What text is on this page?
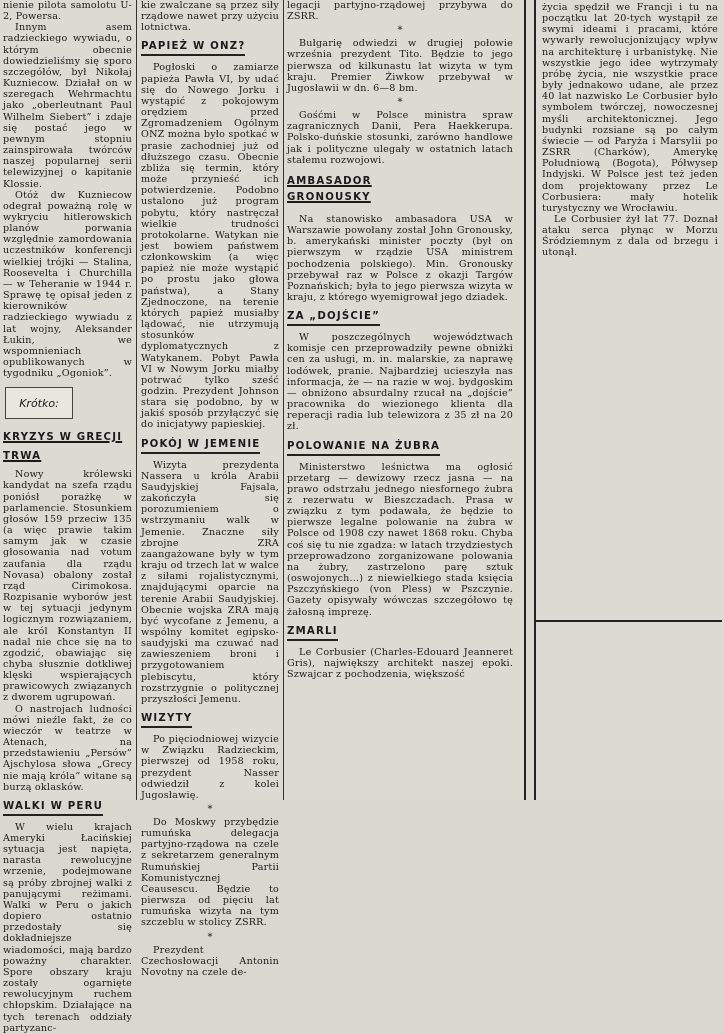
nienie pilota samolotu U-2, Powersa.

Innym asem radzieckiego wywiadu, o którym obecnie dowiedzieliśmy się sporo szczegółów, był Nikołaj Kuzniecow. Działał on w szeregach Wehrmachtu jako „oberleutnant Paul Wilhelm Siebert” i zdaje się postać jego w pewnym stopniu zainspirowała twórców naszej popularnej serii telewizyjnej o kapitanie Klossie.

Otóż dw Kuzniecow odegrał poważną rolę w wykryciu hitlerowskich planów porwania względnie zamordowania uczestników konferencji wielkiej trójki — Stalina, Roosevelta i Churchilla — w Teheranie w 1944 r. Sprawę tę opisał jeden z kierowników radzieckiego wywiadu z lat wojny, Aleksander Łukin, we wspomnieniach opublikowanych w tygodniku „Ogoniok”.

Krótko:
KRYZYS W GRECJI TRWA

Nowy królewski kandydat na szefa rządu poniósł porażkę w parlamencie. Stosunkiem głosów 159 przeciw 135 (a więc prawie takim samym jak w czasie głosowania nad votum zaufania dla rządu Novasa) obalony został rząd Cirimokosa. Rozpisanie wyborów jest w tej sytuacji jedynym logicznym rozwiązaniem, ale król Konstantyn II nadal nie chce się na to zgodzić, obawiając się chyba słusznie dotkliwej klęski wspierających prawicowych związanych z dworem ugrupowań.

O nastrojach ludności mówi nieźle fakt, że co wieczór w teatrze w Atenach, na przedstawieniu „Persów” Ajschylosa słowa „Grecy nie mają króla” witane są burzą oklasków.

WALKI W PERU

W wielu krajach Ameryki Łacińskiej sytuacja jest napięta, narasta rewolucyjne wrzenie, podejmowane są próby zbrojnej walki z panującymi reżimami. Walki w Peru o jakich dopiero ostatnio przedostały się dokładniejsze wiadomości, mają bardzo poważny charakter. Spore obszary kraju zostały ogarnięte rewolucyjnym ruchem chłopskim. Działające na tych terenach oddziały partyzanc-

kie zwalczane są przez siły rządowe nawet przy użyciu lotnictwa.

PAPIEŻ W ONZ?

Pogłoski o zamiarze papieża Pawła VI, by udać się do Nowego Jorku i wystąpić z pokojowym orędziem przed Zgromadzeniem Ogólnym ONZ można było spotkać w prasie zachodniej już od dłuższego czasu. Obecnie zbliża się termin, który może przynieść ich potwierdzenie. Podobno ustalono już program pobytu, który nastręczał wielkie trudności protokolarne. Watykan nie jest bowiem państwem członkowskim (a więc papież nie może wystąpić po prostu jako głowa państwa), a Stany Zjednoczone, na terenie których papież musiałby lądować, nie utrzymują stosunków dyplomatycznych z Watykanem. Pobyt Pawła VI w Nowym Jorku miałby potrwać tylko sześć godzin. Prezydent Johnson stara się podobno, by w jakiś sposób przyłączyć się do inicjatywy papieskiej.

POKÓJ W JEMENIE

Wizyta prezydenta Nassera u króla Arabii Saudyjskiej Fajsala, zakończyła się porozumieniem o wstrzymaniu walk w Jemenie. Znaczne siły zbrojne ZRA zaangażowane były w tym kraju od trzech lat w walce z siłami rojalistycznymi, znajdującymi oparcie na terenie Arabii Saudyjskiej. Obecnie wojska ZRA mają być wycofane z Jemenu, a wspólny komitet egipsko-saudyjski ma czuwać nad zawieszeniem broni i przygotowaniem plebiscytu, który rozstrzygnie o politycznej przyszłości Jemenu.

WIZYTY

Po pięciodniowej wizycie w Związku Radzieckim, pierwszej od 1958 roku, prezydent Nasser odwiedził z kolei Jugosławię.

*

Do Moskwy przybędzie rumuńska delegacja partyjno-rządowa na czele z sekretarzem generalnym Rumuńskiej Partii Komunistycznej Ceausescu. Będzie to pierwsza od pięciu lat rumuńska wizyta na tym szczeblu w stolicy ZSRR.

*

Prezydent Czechosłowacji Antonin Novotny na czele de-

legacji partyjno-rządowej przybywa do ZSRR.

*

Bułgarię odwiedzi w drugiej połowie września prezydent Tito. Będzie to jego pierwsza od kilkunastu lat wizyta w tym kraju. Premier Żiwkow przebywał w Jugosławii w dn. 6—8 bm.

*

Gośćmi w Polsce ministra spraw zagranicznych Danii, Pera Haekkerupa. Polsko-duńskie stosunki, zarówno handlowe jak i polityczne ulegały w ostatnich latach stałemu rozwojowi.

AMBASADOR GRONOUSKY

Na stanowisko ambasadora USA w Warszawie powołany został John Gronousky, b. amerykański minister poczty (był on pierwszym w rządzie USA ministrem pochodzenia polskiego). Min. Gronousky przebywał raz w Polsce z okazji Targów Poznańskich; była to jego pierwsza wizyta w kraju, z którego wyemigrował jego dziadek.

ZA „DOJŚCIE”

W poszczególnych województwach komisje cen przeprowadziły pewne obniżki cen za usługi, m. in. malarskie, za naprawę lodówek, pranie. Najbardziej ucieszyła nas informacja, że — na razie w woj. bydgoskim — obniżono absurdalny rzucał na „dojście” pracownika do wiezionego klienta dla reperacji radia lub telewizora z 35 zł na 20 zł.

POLOWANIE NA ŻUBRA

Ministerstwo leśnictwa ma ogłosić przetarg — dewizowy rzecz jasna — na prawo odstrzału jednego niesfornego żubra z rezerwatu w Bieszczadach. Prasa w związku z tym podawała, że będzie to pierwsze legalne polowanie na żubra w Polsce od 1908 czy nawet 1868 roku. Chyba coś się tu nie zgadza: w latach trzydziestych przeprowadzono zorganizowane polowania na żubry, zastrzelono parę sztuk (oswojonych...) z niewielkiego stada księcia Pszczyńskiego (von Pless) w Pszczynie. Gazety opisywały wówczas szczegółowo tę żałosną imprezę.

ZMARLI

Le Corbusier (Charles-Edouard Jeanneret Gris), największy architekt naszej epoki. Szwajcar z pochodzenia, większość

życia spędził we Francji i tu na początku lat 20-tych wystąpił ze swymi ideami i pracami, które wywarły rewolucjonizujący wpływ na architekturę i urbanistykę. Nie wszystkie jego idee wytrzymały próbę życia, nie wszystkie prace były jednakowo udane, ale przez 40 lat nazwisko Le Corbusier było symbolem twórczej, nowoczesnej myśli architektonicznej. Jego budynki rozsiane są po całym świecie — od Paryża i Marsylii po ZSRR (Charków), Amerykę Południową (Bogota), Półwysep Indyjski. W Polsce jest też jeden dom projektowany przez Le Corbusiera: mały hotelik turystyczny we Wrocławiu.

Le Corbusier żył lat 77. Doznał ataku serca płynąc w Morzu Śródziemnym z dala od brzegu i utonął.
